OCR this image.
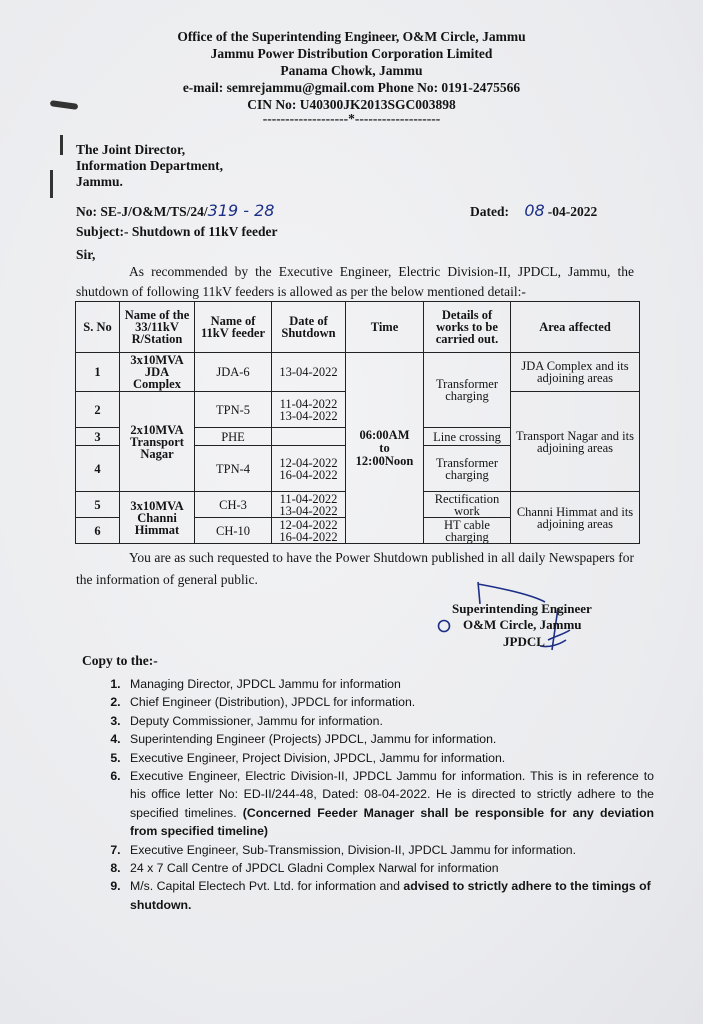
Office of the Superintending Engineer, O&M Circle, Jammu
Jammu Power Distribution Corporation Limited
Panama Chowk, Jammu
e-mail: semrejammu@gmail.com Phone No: 0191-2475566
CIN No: U40300JK2013SGC003898
-------------------*-------------------
The Joint Director,
Information Department,
Jammu.
No: SE-J/O&M/TS/24/319 - 28	Dated: 08 -04-2022
Subject:- Shutdown of 11kV feeder
Sir,
As recommended by the Executive Engineer, Electric Division-II, JPDCL, Jammu, the shutdown of following 11kV feeders is allowed as per the below mentioned detail:-
S. No	Name of the 33/11kV R/Station	Name of 11kV feeder	Date of Shutdown	Time	Details of works to be carried out.	Area affected
1	3x10MVA JDA Complex	JDA-6	13-04-2022	06:00AM
to
12:00Noon	Transformer charging	JDA Complex and its adjoining areas
2	2x10MVA Transport Nagar	TPN-5	11-04-2022
13-04-2022			Transport Nagar and its adjoining areas
3		PHE			Line crossing	
4		TPN-4	12-04-2022
16-04-2022		Transformer charging	
5	3x10MVA Channi Himmat	CH-3	11-04-2022
13-04-2022		Rectification work	Channi Himmat and its adjoining areas
6		CH-10	12-04-2022
16-04-2022		HT cable charging	
You are as such requested to have the Power Shutdown published in all daily Newspapers for the information of general public.
Superintending Engineer
O&M Circle, Jammu
JPDCL
Copy to the:-
1. Managing Director, JPDCL Jammu for information
2. Chief Engineer (Distribution), JPDCL for information.
3. Deputy Commissioner, Jammu for information.
4. Superintending Engineer (Projects) JPDCL, Jammu for information.
5. Executive Engineer, Project Division, JPDCL, Jammu for information.
6. Executive Engineer, Electric Division-II, JPDCL Jammu for information. This is in reference to his office letter No: ED-II/244-48, Dated: 08-04-2022. He is directed to strictly adhere to the specified timelines. (Concerned Feeder Manager shall be responsible for any deviation from specified timeline)
7. Executive Engineer, Sub-Transmission, Division-II, JPDCL Jammu for information.
8. 24 x 7 Call Centre of JPDCL Gladni Complex Narwal for information
9. M/s. Capital Electech Pvt. Ltd. for information and advised to strictly adhere to the timings of shutdown.
